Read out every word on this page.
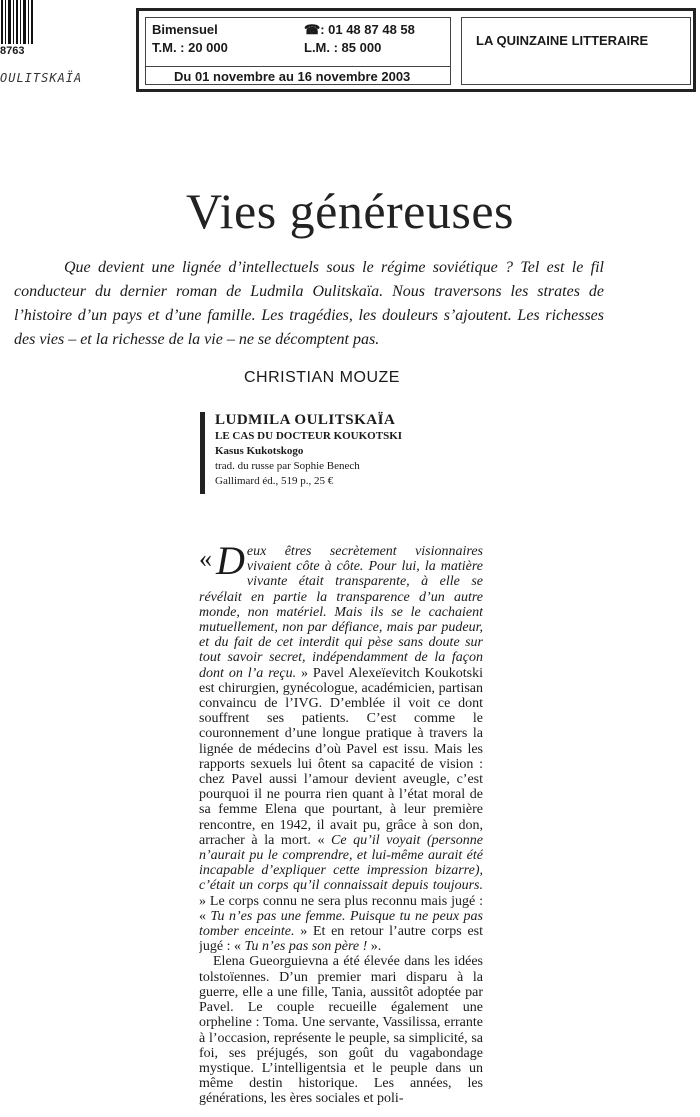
8763
OULITSKAÏA
Bimensuel	☎: 01 48 87 48 58
T.M. : 20 000	L.M. : 85 000
Du 01 novembre au 16 novembre 2003
LA QUINZAINE LITTERAIRE
Vies généreuses

Que devient une lignée d’intellectuels sous le régime soviétique ? Tel est le fil conducteur du dernier roman de Ludmila Oulitskaïa. Nous traversons les strates de l’histoire d’un pays et d’une famille. Les tragédies, les douleurs s’ajoutent. Les richesses des vies – et la richesse de la vie – ne se décomptent pas.

CHRISTIAN MOUZE
LUDMILA OULITSKAÏA
LE CAS DU DOCTEUR KOUKOTSKI
Kasus Kukotskogo
trad. du russe par Sophie Benech
Gallimard éd., 519 p., 25 €

« D eux êtres secrètement visionnaires vivaient côte à côte. Pour lui, la matière vivante était transparente, à elle se révélait en partie la transparence d’un autre monde, non matériel. Mais ils se le cachaient mutuellement, non par défiance, mais par pudeur, et du fait de cet interdit qui pèse sans doute sur tout savoir secret, indépendamment de la façon dont on l’a reçu. » Pavel Alexeïevitch Koukotski est chirurgien, gynécologue, académicien, partisan convaincu de l’IVG. D’emblée il voit ce dont souffrent ses patients. C’est comme le couronnement d’une longue pratique à travers la lignée de médecins d’où Pavel est issu. Mais les rapports sexuels lui ôtent sa capacité de vision : chez Pavel aussi l’amour devient aveugle, c’est pourquoi il ne pourra rien quant à l’état moral de sa femme Elena que pourtant, à leur première rencontre, en 1942, il avait pu, grâce à son don, arracher à la mort. « Ce qu’il voyait (personne n’aurait pu le comprendre, et lui-même aurait été incapable d’expliquer cette impression bizarre), c’était un corps qu’il connaissait depuis toujours. » Le corps connu ne sera plus reconnu mais jugé : « Tu n’es pas une femme. Puisque tu ne peux pas tomber enceinte. » Et en retour l’autre corps est jugé : « Tu n’es pas son père ! ».

Elena Gueorguievna a été élevée dans les idées tolstoïennes. D’un premier mari disparu à la guerre, elle a une fille, Tania, aussitôt adoptée par Pavel. Le couple recueille également une orpheline : Toma. Une servante, Vassilissa, errante à l’occasion, représente le peuple, sa simplicité, sa foi, ses préjugés, son goût du vagabondage mystique. L’intelligentsia et le peuple dans un même destin historique. Les années, les générations, les ères sociales et poli-
